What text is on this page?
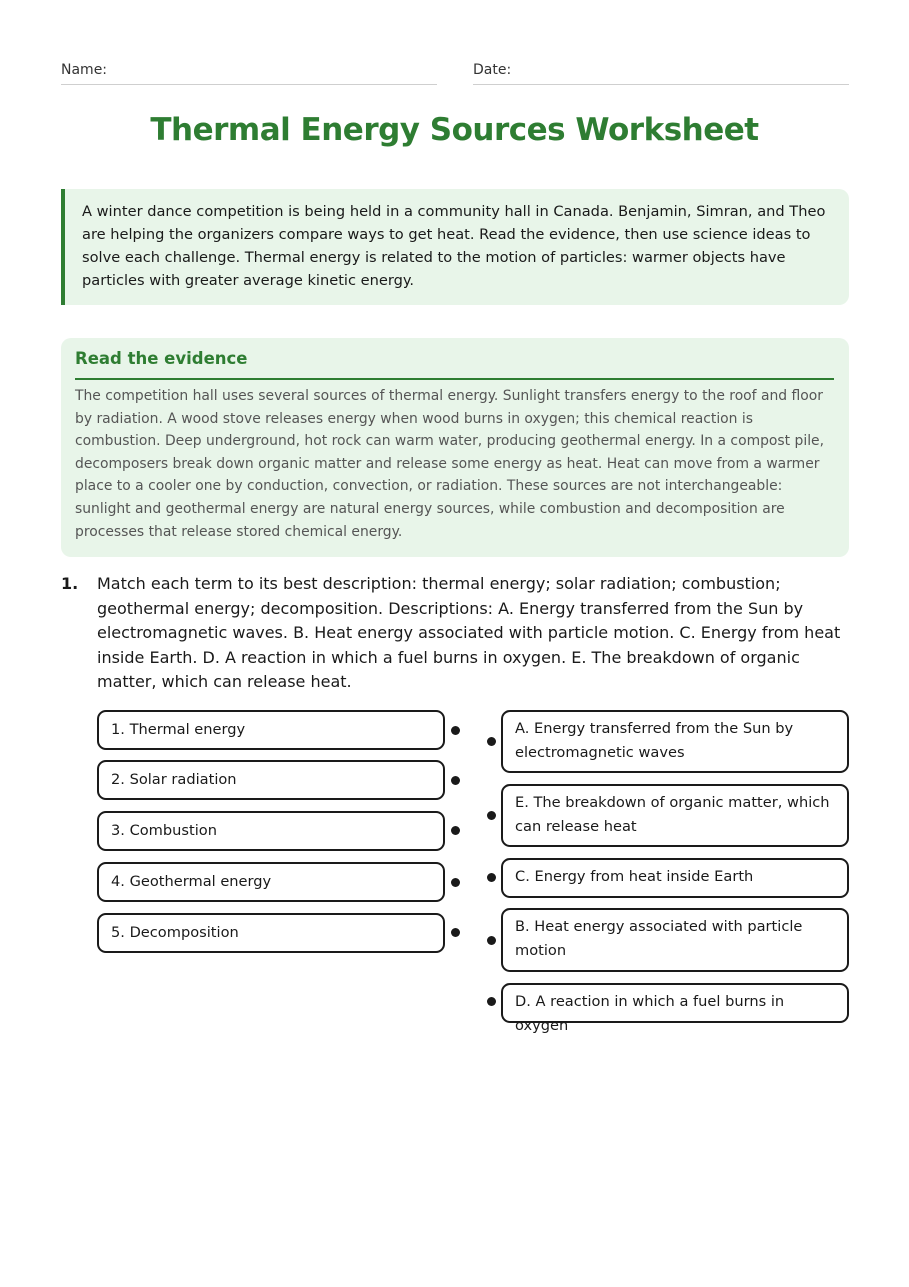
Name:	Date:
Thermal Energy Sources Worksheet
A winter dance competition is being held in a community hall in Canada. Benjamin, Simran, and Theo are helping the organizers compare ways to get heat. Read the evidence, then use science ideas to solve each challenge. Thermal energy is related to the motion of particles: warmer objects have particles with greater average kinetic energy.
Read the evidence
The competition hall uses several sources of thermal energy. Sunlight transfers energy to the roof and floor by radiation. A wood stove releases energy when wood burns in oxygen; this chemical reaction is combustion. Deep underground, hot rock can warm water, producing geothermal energy. In a compost pile, decomposers break down organic matter and release some energy as heat. Heat can move from a warmer place to a cooler one by conduction, convection, or radiation. These sources are not interchangeable: sunlight and geothermal energy are natural energy sources, while combustion and decomposition are processes that release stored chemical energy.
1. Match each term to its best description: thermal energy; solar radiation; combustion; geothermal energy; decomposition. Descriptions: A. Energy transferred from the Sun by electromagnetic waves. B. Heat energy associated with particle motion. C. Energy from heat inside Earth. D. A reaction in which a fuel burns in oxygen. E. The breakdown of organic matter, which can release heat.
1. Thermal energy
2. Solar radiation
3. Combustion
4. Geothermal energy
5. Decomposition
A. Energy transferred from the Sun by electromagnetic waves
E. The breakdown of organic matter, which can release heat
C. Energy from heat inside Earth
B. Heat energy associated with particle motion
D. A reaction in which a fuel burns in oxygen
